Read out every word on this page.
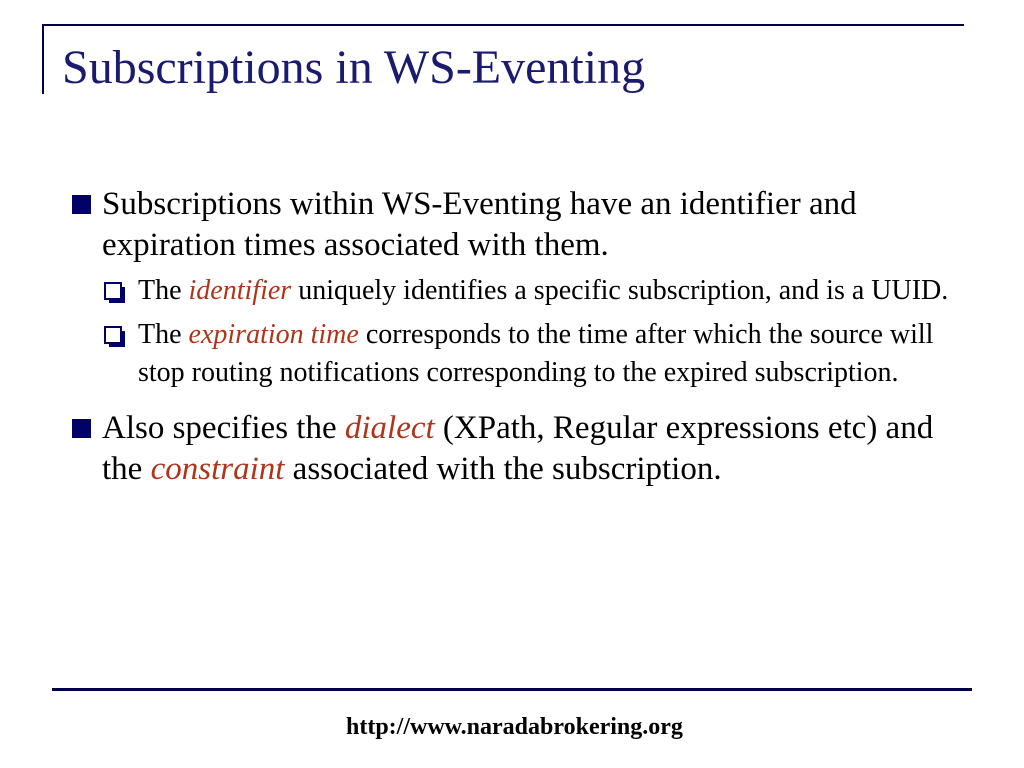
Subscriptions in WS-Eventing
Subscriptions within WS-Eventing have an identifier and expiration times associated with them.
The identifier uniquely identifies a specific subscription, and is a UUID.
The expiration time corresponds to the time after which the source will stop routing notifications corresponding to the expired subscription.
Also specifies the dialect (XPath, Regular expressions etc) and the constraint associated with the subscription.
http://www.naradabrokering.org
